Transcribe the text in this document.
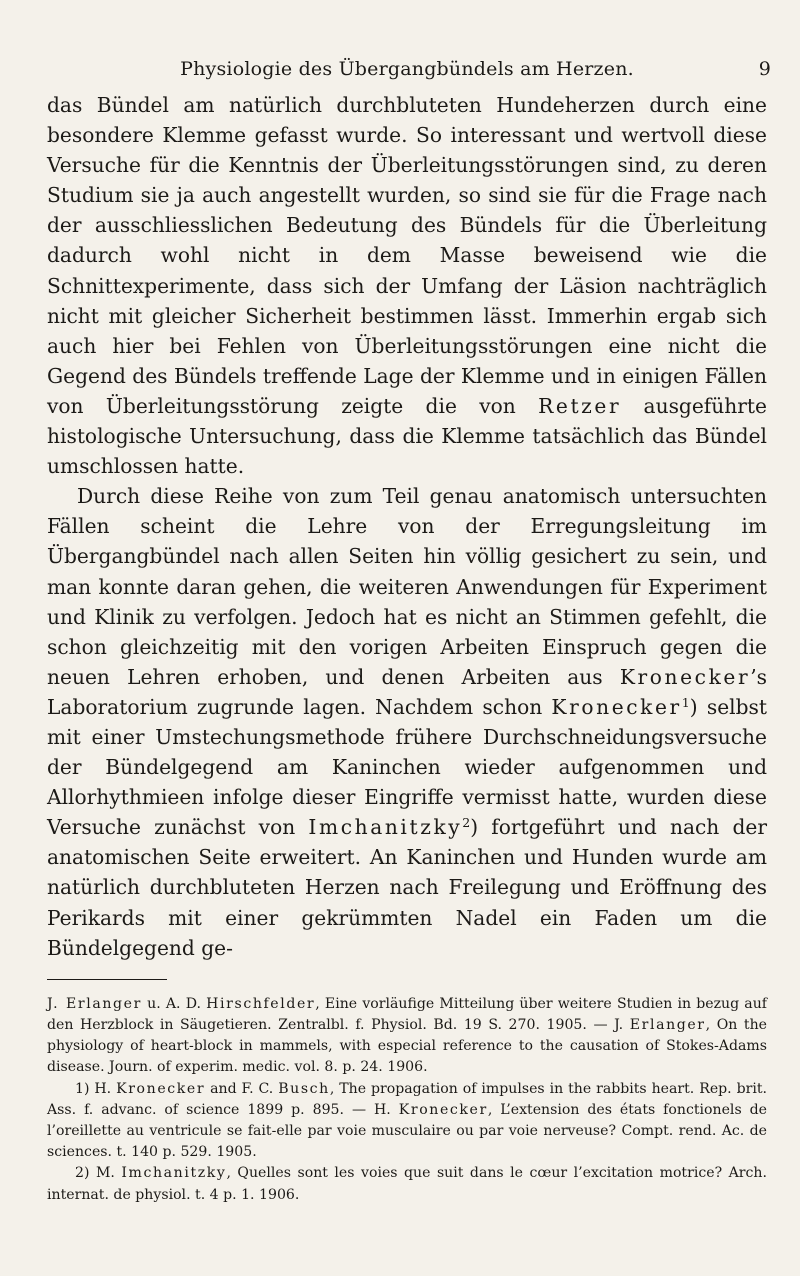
Physiologie des Übergangbündels am Herzen.	9

das Bündel am natürlich durchbluteten Hundeherzen durch eine besondere Klemme gefasst wurde. So interessant und wertvoll diese Versuche für die Kenntnis der Überleitungsstörungen sind, zu deren Studium sie ja auch angestellt wurden, so sind sie für die Frage nach der ausschliesslichen Bedeutung des Bündels für die Überleitung dadurch wohl nicht in dem Masse beweisend wie die Schnittexperimente, dass sich der Umfang der Läsion nachträglich nicht mit gleicher Sicherheit bestimmen lässt. Immerhin ergab sich auch hier bei Fehlen von Überleitungsstörungen eine nicht die Gegend des Bündels treffende Lage der Klemme und in einigen Fällen von Überleitungsstörung zeigte die von Retzer ausgeführte histologische Untersuchung, dass die Klemme tatsächlich das Bündel umschlossen hatte.

Durch diese Reihe von zum Teil genau anatomisch untersuchten Fällen scheint die Lehre von der Erregungsleitung im Übergangbündel nach allen Seiten hin völlig gesichert zu sein, und man konnte daran gehen, die weiteren Anwendungen für Experiment und Klinik zu verfolgen. Jedoch hat es nicht an Stimmen gefehlt, die schon gleichzeitig mit den vorigen Arbeiten Einspruch gegen die neuen Lehren erhoben, und denen Arbeiten aus Kronecker’s Laboratorium zugrunde lagen. Nachdem schon Kronecker$^1$) selbst mit einer Umstechungsmethode frühere Durchschneidungsversuche der Bündelgegend am Kaninchen wieder aufgenommen und Allorhythmieen infolge dieser Eingriffe vermisst hatte, wurden diese Versuche zunächst von Imchanitzky$^2$) fortgeführt und nach der anatomischen Seite erweitert. An Kaninchen und Hunden wurde am natürlich durchbluteten Herzen nach Freilegung und Eröffnung des Perikards mit einer gekrümmten Nadel ein Faden um die Bündelgegend ge-

J. Erlanger u. A. D. Hirschfelder, Eine vorläufige Mitteilung über weitere Studien in bezug auf den Herzblock in Säugetieren. Zentralbl. f. Physiol. Bd. 19 S. 270. 1905. — J. Erlanger, On the physiology of heart-block in mammels, with especial reference to the causation of Stokes-Adams disease. Journ. of experim. medic. vol. 8. p. 24. 1906.

1) H. Kronecker and F. C. Busch, The propagation of impulses in the rabbits heart. Rep. brit. Ass. f. advanc. of science 1899 p. 895. — H. Kronecker, L’extension des états fonctionels de l’oreillette au ventricule se fait-elle par voie musculaire ou par voie nerveuse? Compt. rend. Ac. de sciences. t. 140 p. 529. 1905.

2) M. Imchanitzky, Quelles sont les voies que suit dans le cœur l’excitation motrice? Arch. internat. de physiol. t. 4 p. 1. 1906.
